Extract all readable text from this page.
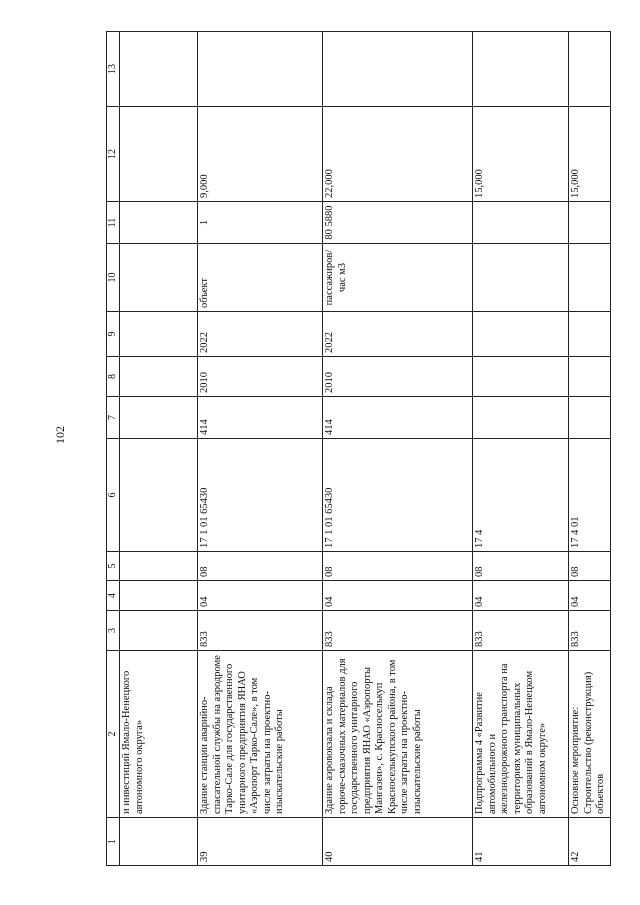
102
1	2	3	4	5	6	7	8	9	10	11	12	13
	и инвестиций Ямало-Ненецкого автономного округа»											
39	Здание станции аварийно-спасательной службы на аэродроме Тарко-Сале для государственного унитарного предприятия ЯНАО «Аэропорт Тарко-Сале», в том числе затраты на проектно-изыскательские работы	833	04	08	17 1 01 65430	414	2010	2022	объект	1	9,000	
40	Здание аэровокзала и склада горюче-смазочных материалов для государственного унитарного предприятия ЯНАО «Аэропорты Мангазеи», с. Красноселькуп Красноселькупского района, в том числе затраты на проектно-изыскательские работы	833	04	08	17 1 01 65430	414	2010	2022	пассажиров/ час м3	80 5880	22,000	
41	Подпрограмма 4 «Развитие автомобильного и железнодорожного транспорта на территориях муниципальных образований в Ямало-Ненецком автономном округе»	833	04	08	17 4						15,000	
42	Основное мероприятие: Строительство (реконструкция) объектов	833	04	08	17 4 01						15,000	
